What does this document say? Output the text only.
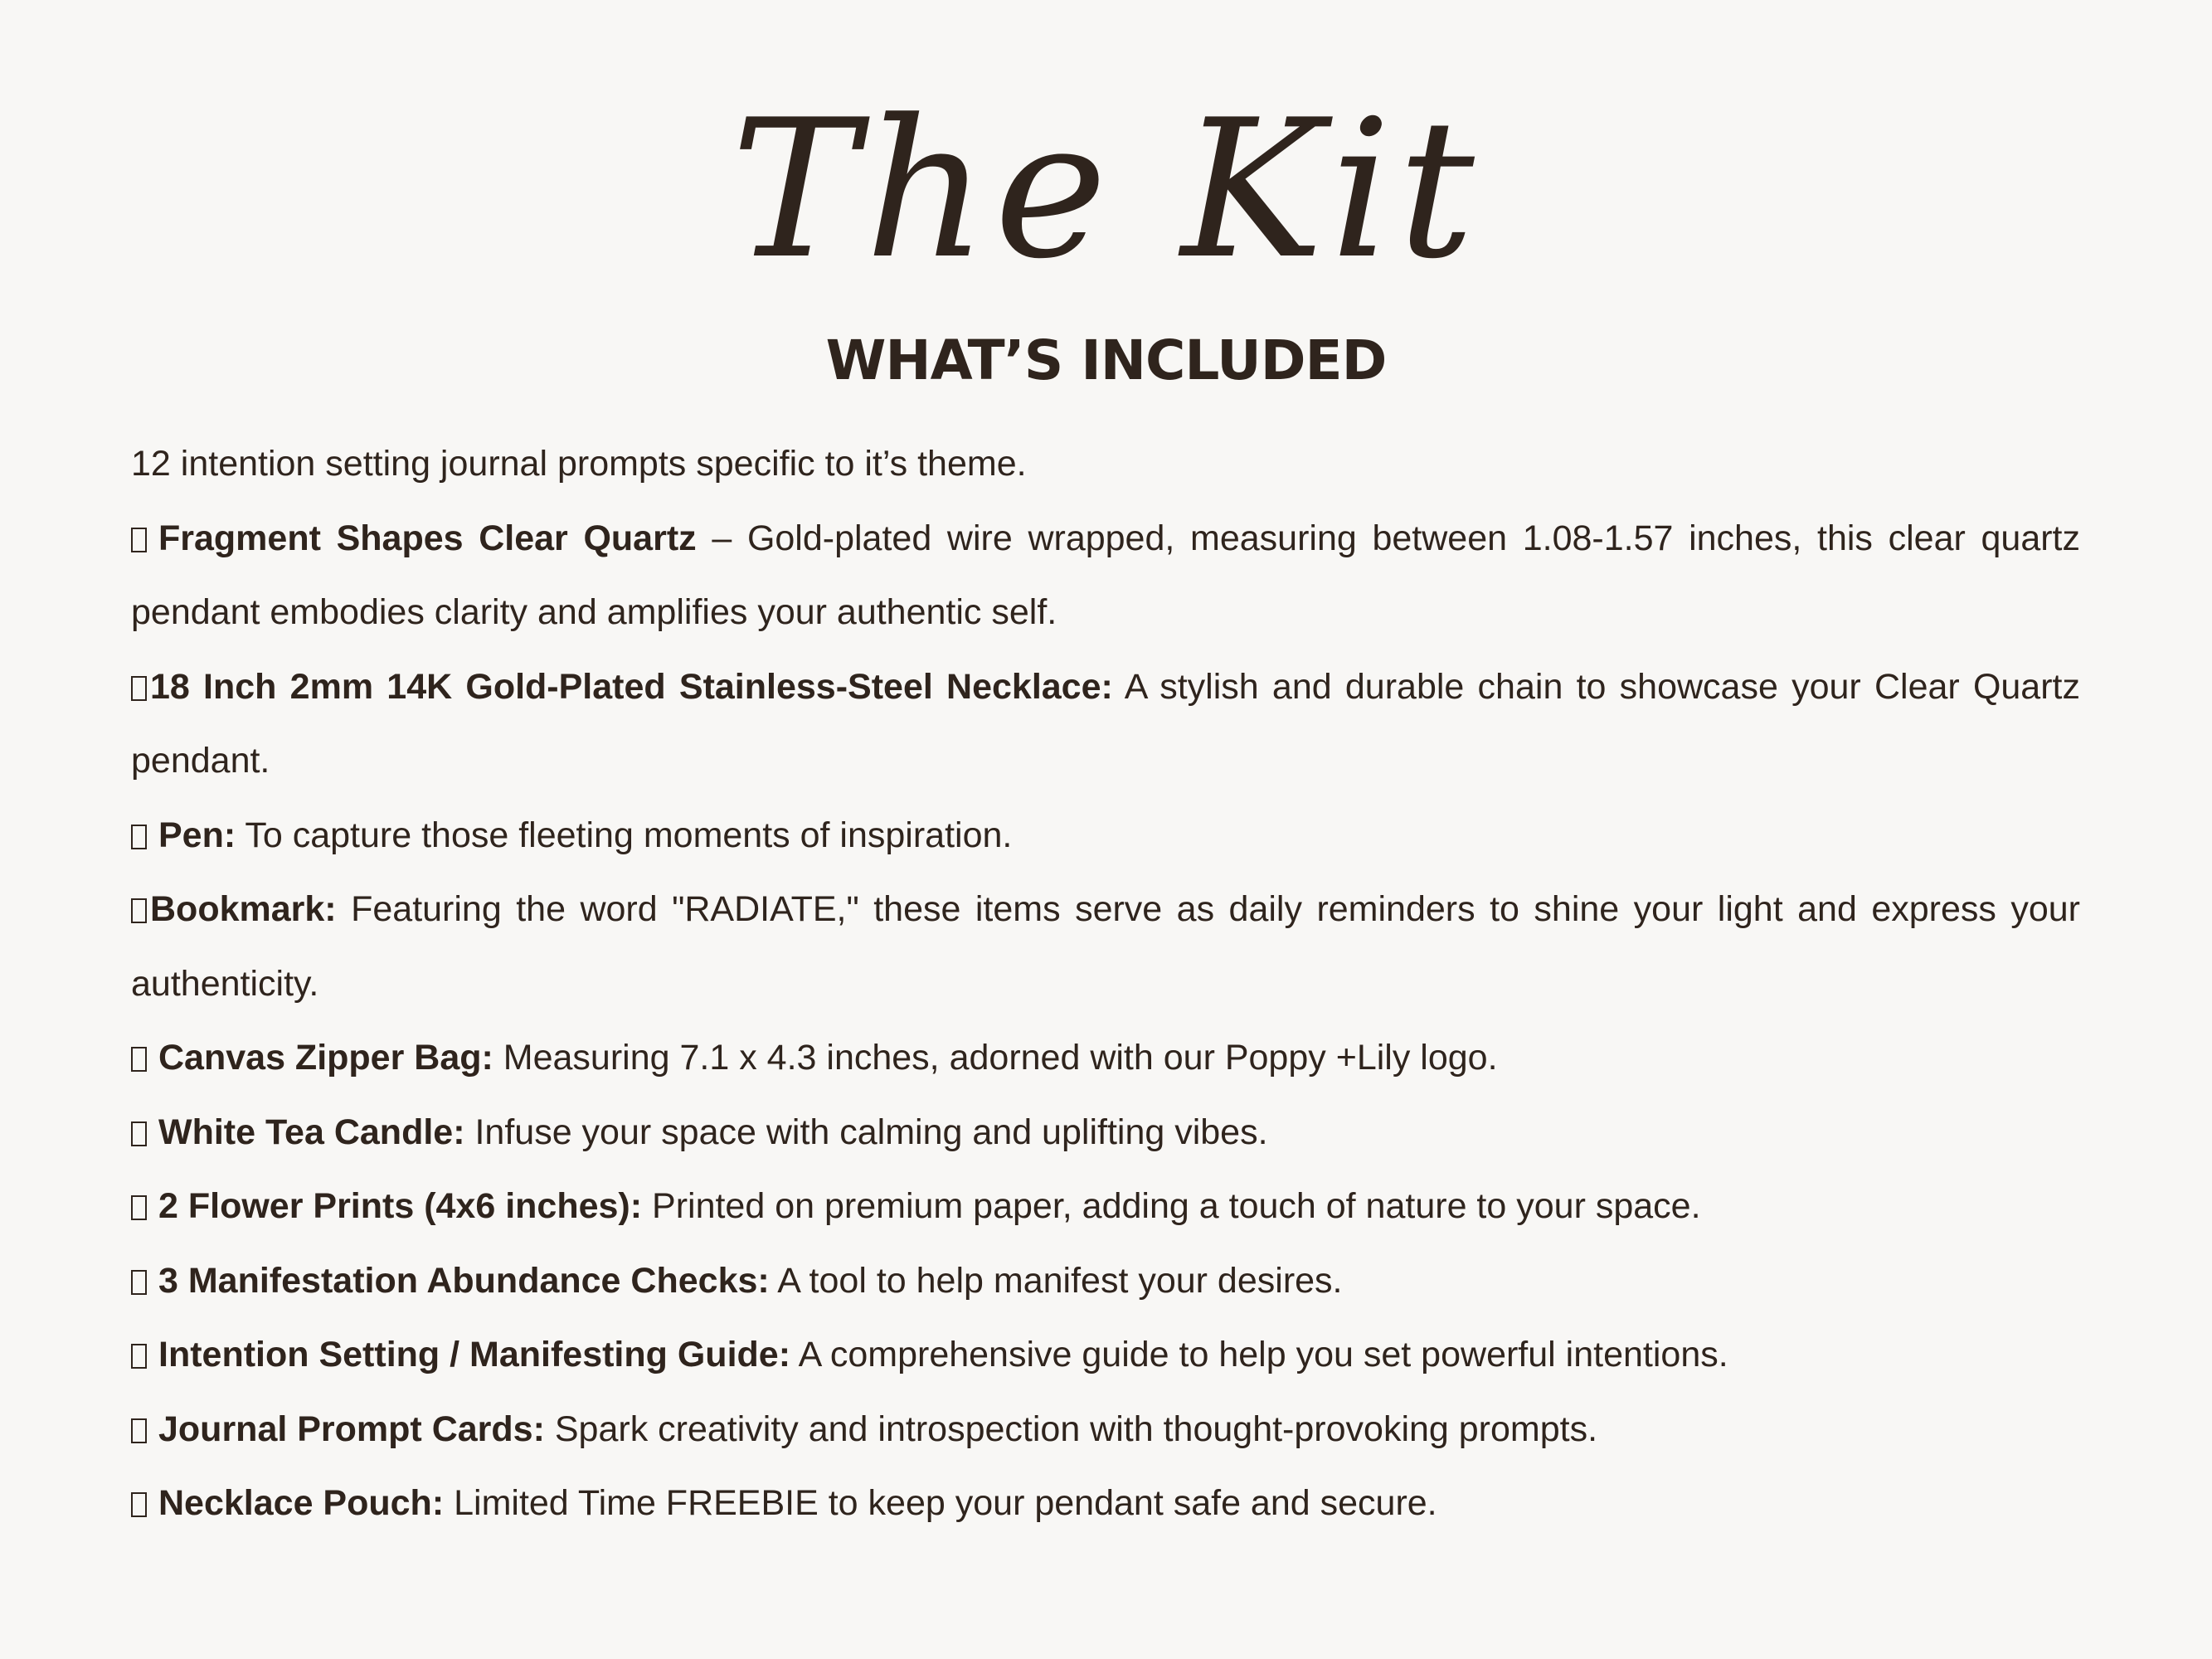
The Kit
WHAT’S INCLUDED

12 intention setting journal prompts specific to it’s theme.

Fragment Shapes Clear Quartz – Gold-plated wire wrapped, measuring between 1.08-1.57 inches, this clear quartz pendant embodies clarity and amplifies your authentic self.

18 Inch 2mm 14K Gold-Plated Stainless-Steel Necklace: A stylish and durable chain to showcase your Clear Quartz pendant.

Pen: To capture those fleeting moments of inspiration.

Bookmark: Featuring the word "RADIATE," these items serve as daily reminders to shine your light and express your authenticity.

Canvas Zipper Bag: Measuring 7.1 x 4.3 inches, adorned with our Poppy +Lily logo.

White Tea Candle: Infuse your space with calming and uplifting vibes.

2 Flower Prints (4x6 inches): Printed on premium paper, adding a touch of nature to your space.

3 Manifestation Abundance Checks: A tool to help manifest your desires.

Intention Setting / Manifesting Guide: A comprehensive guide to help you set powerful intentions.

Journal Prompt Cards: Spark creativity and introspection with thought-provoking prompts.

Necklace Pouch: Limited Time FREEBIE to keep your pendant safe and secure.
